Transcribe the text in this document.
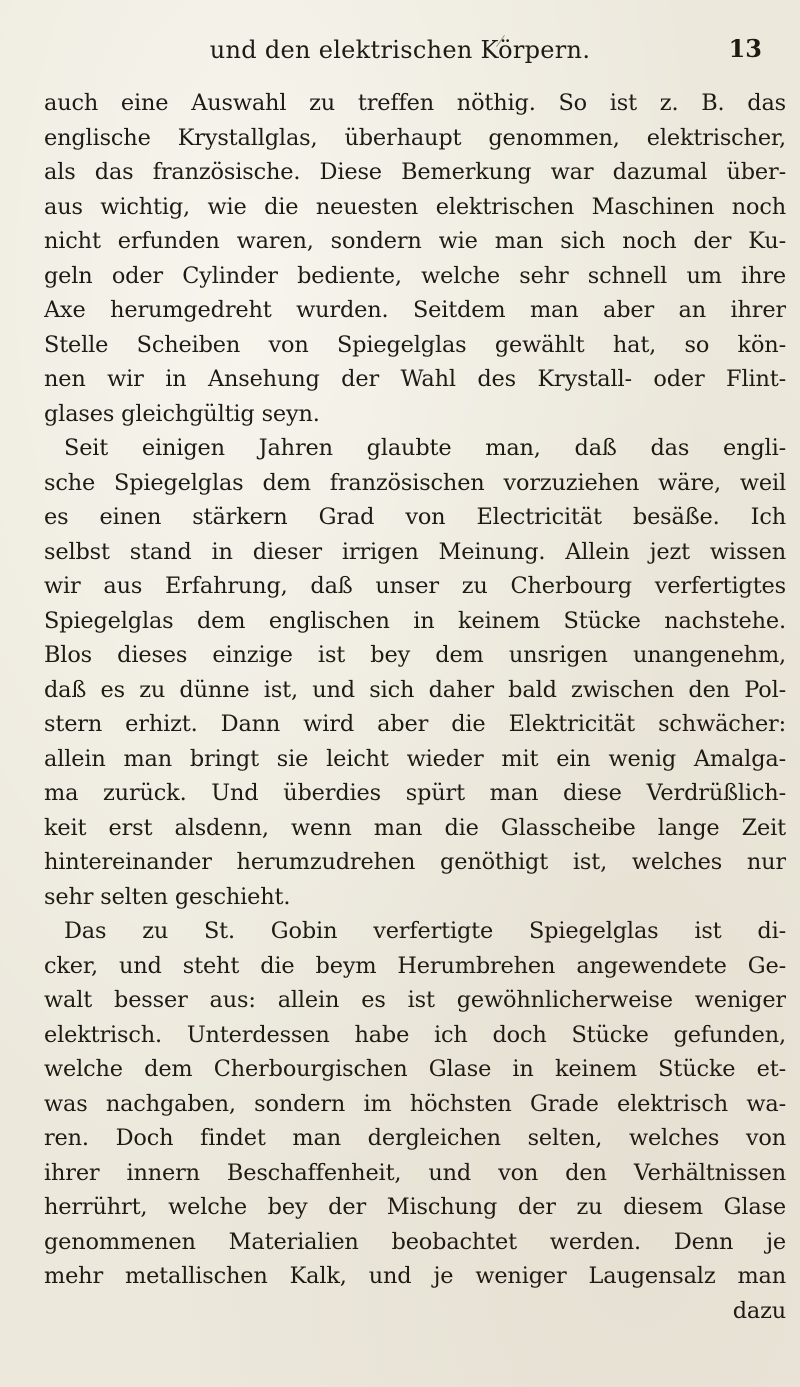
und den elektrischen Körpern.	13
auch eine Auswahl zu treffen nöthig. So ist z. B. das
englische Krystallglas, überhaupt genommen, elektrischer,
als das französische. Diese Bemerkung war dazumal über-
aus wichtig, wie die neuesten elektrischen Maschinen noch
nicht erfunden waren, sondern wie man sich noch der Ku-
geln oder Cylinder bediente, welche sehr schnell um ihre
Axe herumgedreht wurden. Seitdem man aber an ihrer
Stelle Scheiben von Spiegelglas gewählt hat, so kön-
nen wir in Ansehung der Wahl des Krystall- oder Flint-
glases gleichgültig seyn.
Seit einigen Jahren glaubte man, daß das engli-
sche Spiegelglas dem französischen vorzuziehen wäre, weil
es einen stärkern Grad von Electricität besäße. Ich
selbst stand in dieser irrigen Meinung. Allein jezt wissen
wir aus Erfahrung, daß unser zu Cherbourg verfertigtes
Spiegelglas dem englischen in keinem Stücke nachstehe.
Blos dieses einzige ist bey dem unsrigen unangenehm,
daß es zu dünne ist, und sich daher bald zwischen den Pol-
stern erhizt. Dann wird aber die Elektricität schwächer:
allein man bringt sie leicht wieder mit ein wenig Amalga-
ma zurück. Und überdies spürt man diese Verdrüßlich-
keit erst alsdenn, wenn man die Glasscheibe lange Zeit
hintereinander herumzudrehen genöthigt ist, welches nur
sehr selten geschieht.
Das zu St. Gobin verfertigte Spiegelglas ist di-
cker, und steht die beym Herumbrehen angewendete Ge-
walt besser aus: allein es ist gewöhnlicherweise weniger
elektrisch. Unterdessen habe ich doch Stücke gefunden,
welche dem Cherbourgischen Glase in keinem Stücke et-
was nachgaben, sondern im höchsten Grade elektrisch wa-
ren. Doch findet man dergleichen selten, welches von
ihrer innern Beschaffenheit, und von den Verhältnissen
herrührt, welche bey der Mischung der zu diesem Glase
genommenen Materialien beobachtet werden. Denn je
mehr metallischen Kalk, und je weniger Laugensalz man
dazu
